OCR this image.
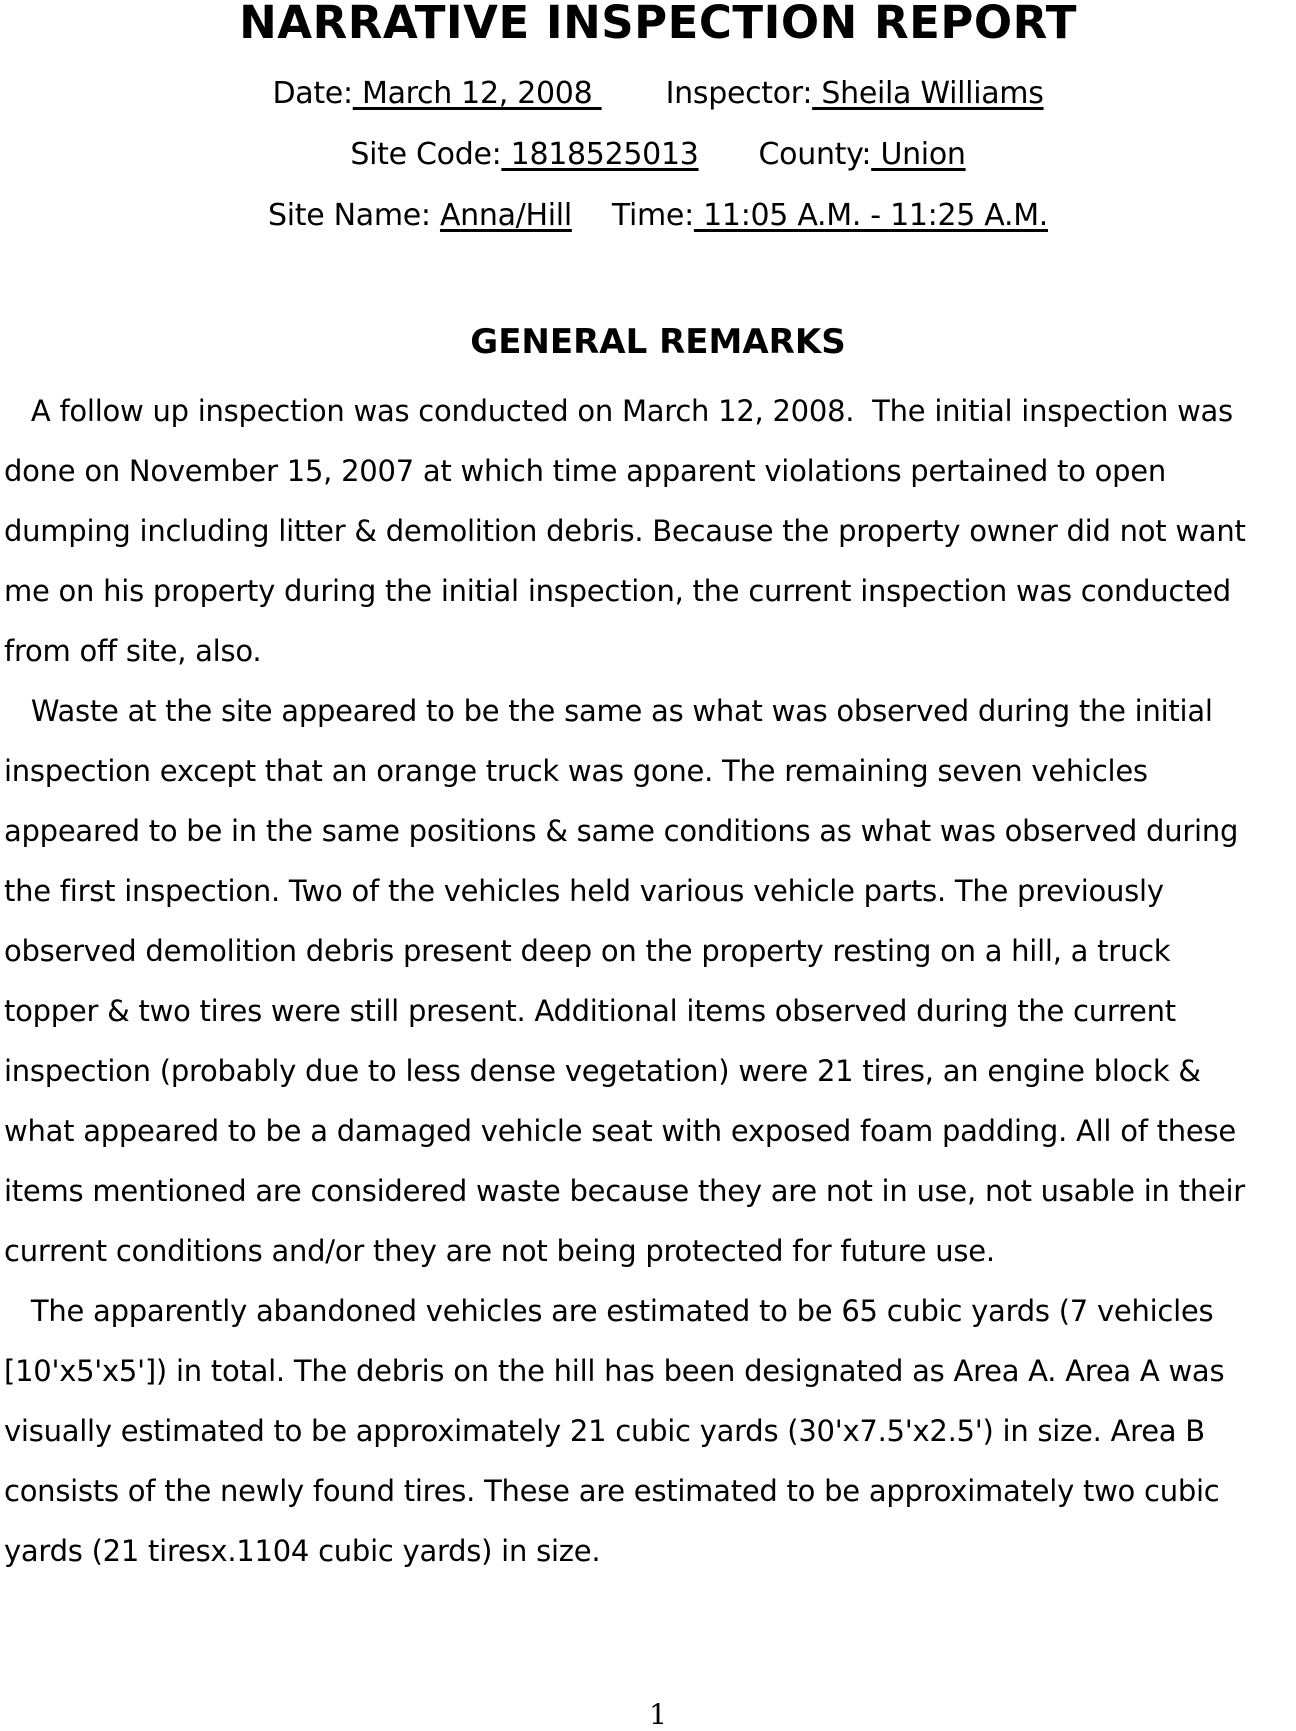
NARRATIVE INSPECTION REPORT
Date: March 12, 2008 Inspector: Sheila Williams
Site Code: 1818525013 County: Union
Site Name: Anna/Hill Time: 11:05 A.M. - 11:25 A.M.
GENERAL REMARKS
A follow up inspection was conducted on March 12, 2008.  The initial inspection was
done on November 15, 2007 at which time apparent violations pertained to open
dumping including litter & demolition debris. Because the property owner did not want
me on his property during the initial inspection, the current inspection was conducted
from off site, also.
Waste at the site appeared to be the same as what was observed during the initial
inspection except that an orange truck was gone. The remaining seven vehicles
appeared to be in the same positions & same conditions as what was observed during
the first inspection. Two of the vehicles held various vehicle parts. The previously
observed demolition debris present deep on the property resting on a hill, a truck
topper & two tires were still present. Additional items observed during the current
inspection (probably due to less dense vegetation) were 21 tires, an engine block &
what appeared to be a damaged vehicle seat with exposed foam padding. All of these
items mentioned are considered waste because they are not in use, not usable in their
current conditions and/or they are not being protected for future use.
The apparently abandoned vehicles are estimated to be 65 cubic yards (7 vehicles
[10'x5'x5']) in total. The debris on the hill has been designated as Area A. Area A was
visually estimated to be approximately 21 cubic yards (30'x7.5'x2.5') in size. Area B
consists of the newly found tires. These are estimated to be approximately two cubic
yards (21 tiresx.1104 cubic yards) in size.
1
